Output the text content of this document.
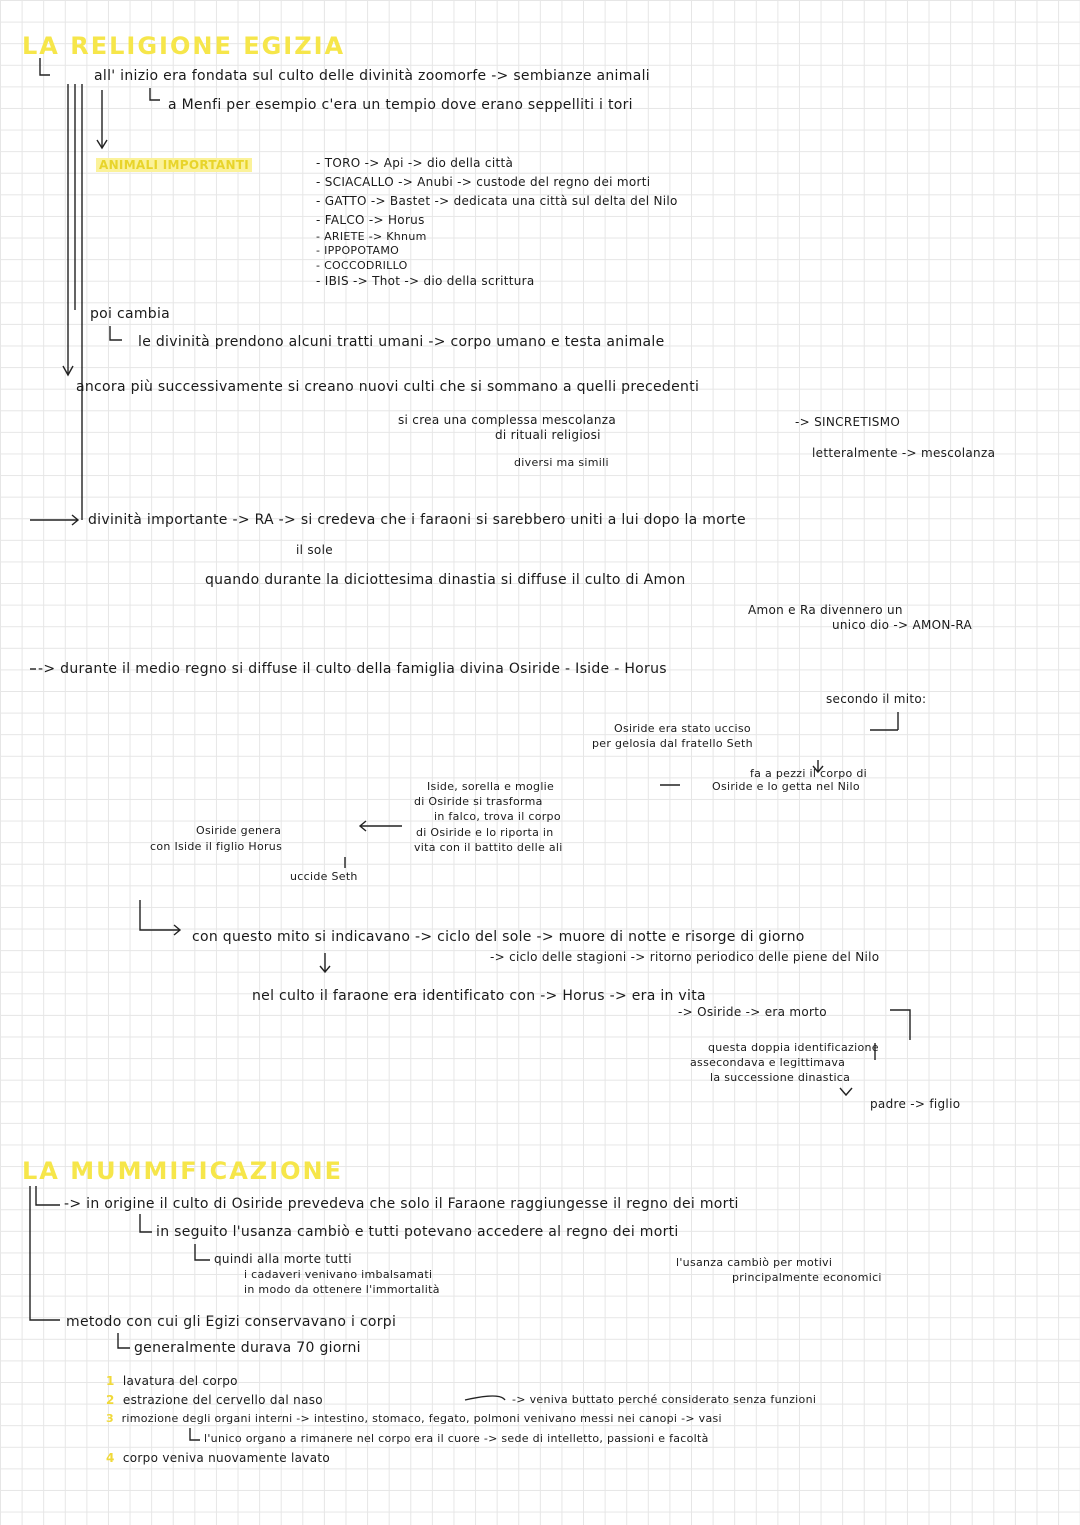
LA RELIGIONE EGIZIA
all' inizio era fondata sul culto delle divinità zoomorfe -> sembianze animali
a Menfi per esempio c'era un tempio dove erano seppelliti i tori
ANIMALI IMPORTANTI	- TORO -> Api -> dio della città
- SCIACALLO -> Anubi -> custode del regno dei morti
- GATTO -> Bastet -> dedicata una città sul delta del Nilo
- FALCO -> Horus
- ARIETE -> Khnum
- IPPOPOTAMO
- COCCODRILLO
- IBIS -> Thot -> dio della scrittura
poi cambia
le divinità prendono alcuni tratti umani -> corpo umano e testa animale
ancora più successivamente si creano nuovi culti che si sommano a quelli precedenti
si crea una complessa mescolanza	-> SINCRETISMO
di rituali religiosi
diversi ma simili
letteralmente -> mescolanza
divinità importante -> RA -> si credeva che i faraoni si sarebbero uniti a lui dopo la morte
il sole
quando durante la diciottesima dinastia si diffuse il culto di Amon
Amon e Ra divennero un
unico dio -> AMON-RA
-> durante il medio regno si diffuse il culto della famiglia divina Osiride - Iside - Horus
secondo il mito:
Osiride era stato ucciso
per gelosia dal fratello Seth
fa a pezzi il corpo di
Osiride e lo getta nel Nilo
Iside, sorella e moglie
di Osiride si trasforma
in falco, trova il corpo
di Osiride e lo riporta in
vita con il battito delle ali
Osiride genera
con Iside il figlio Horus
uccide Seth
con questo mito si indicavano -> ciclo del sole -> muore di notte e risorge di giorno
-> ciclo delle stagioni -> ritorno periodico delle piene del Nilo
nel culto il faraone era identificato con -> Horus -> era in vita
-> Osiride -> era morto
questa doppia identificazione
assecondava e legittimava
la successione dinastica
padre -> figlio
LA MUMMIFICAZIONE
-> in origine il culto di Osiride prevedeva che solo il Faraone raggiungesse il regno dei morti
in seguito l'usanza cambiò e tutti potevano accedere al regno dei morti
quindi alla morte tutti
i cadaveri venivano imbalsamati
in modo da ottenere l'immortalità
l'usanza cambiò per motivi
principalmente economici
metodo con cui gli Egizi conservavano i corpi
generalmente durava 70 giorni
1 lavatura del corpo
2 estrazione del cervello dal naso	-> veniva buttato perché considerato senza funzioni
3 rimozione degli organi interni -> intestino, stomaco, fegato, polmoni venivano messi nei canopi -> vasi
l'unico organo a rimanere nel corpo era il cuore -> sede di intelletto, passioni e facoltà
4 corpo veniva nuovamente lavato
